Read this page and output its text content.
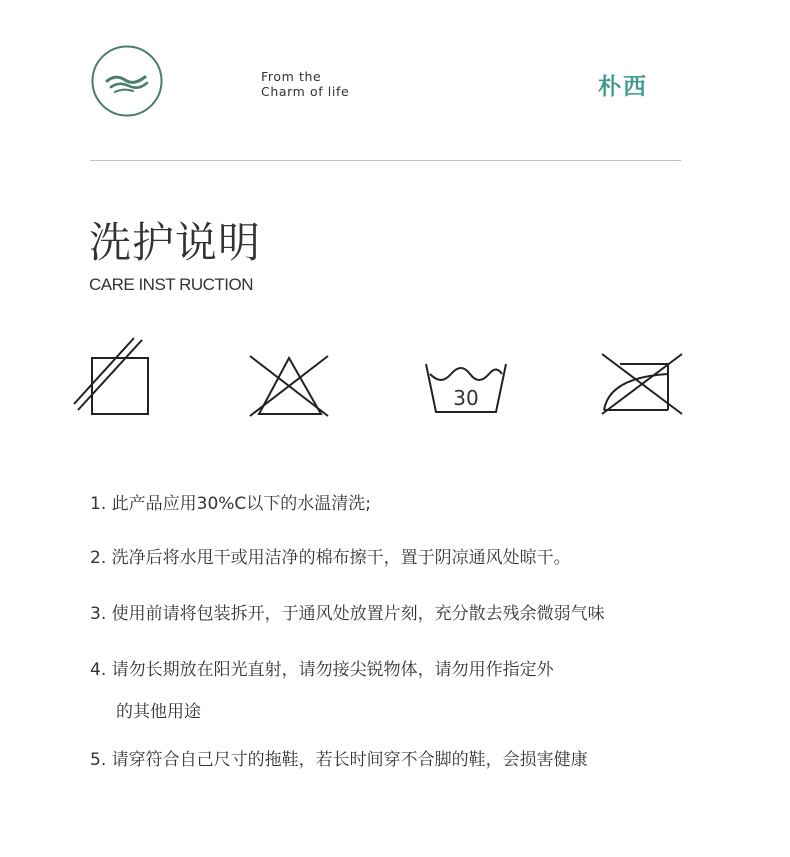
From the
Charm of life	朴西
洗护说明
CARE INST RUCTION
30
1. 此产品应用30%C以下的水温清洗;
2. 洗净后将水甩干或用洁净的棉布擦干，置于阴凉通风处晾干。
3. 使用前请将包装拆开，于通风处放置片刻，充分散去残余微弱气味
4. 请勿长期放在阳光直射，请勿接尖锐物体，请勿用作指定外
的其他用途
5. 请穿符合自己尺寸的拖鞋，若长时间穿不合脚的鞋，会损害健康
